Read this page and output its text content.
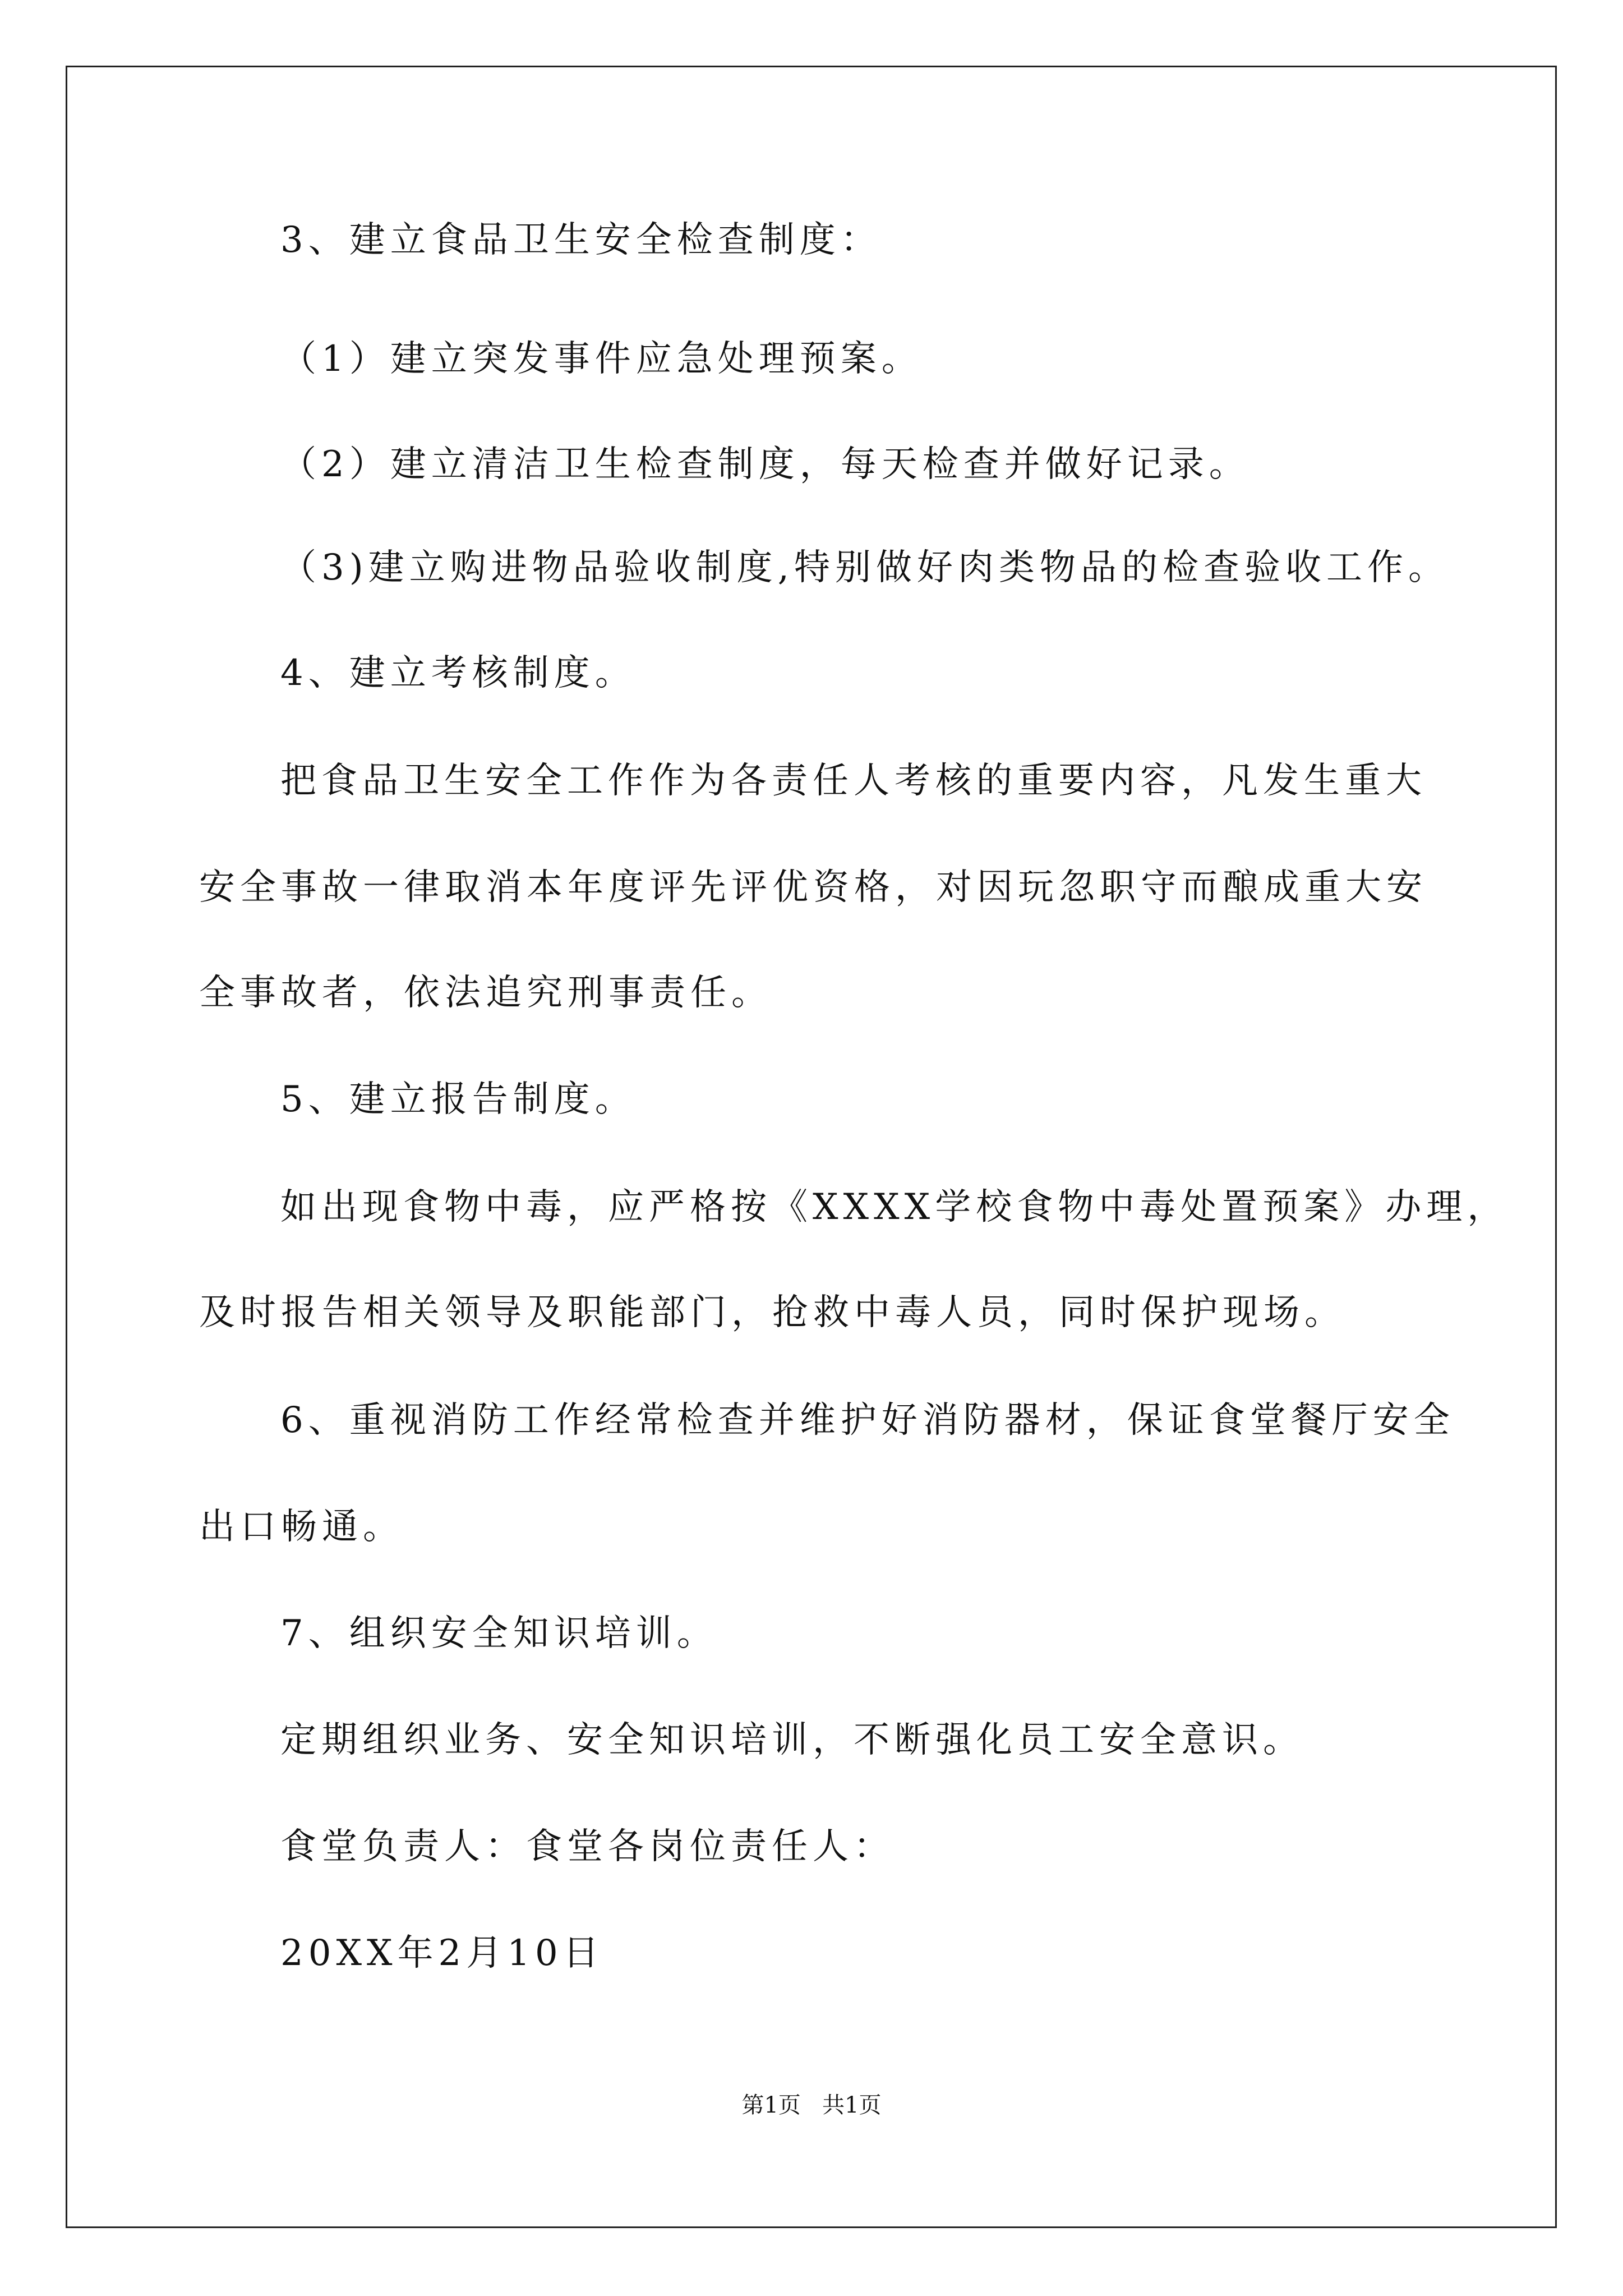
3、建立食品卫生安全检查制度：
（1）建立突发事件应急处理预案。
（2）建立清洁卫生检查制度，每天检查并做好记录。
（3)建立购进物品验收制度,特别做好肉类物品的检查验收工作。
4、建立考核制度。
把食品卫生安全工作作为各责任人考核的重要内容，凡发生重大
安全事故一律取消本年度评先评优资格，对因玩忽职守而酿成重大安
全事故者，依法追究刑事责任。
5、建立报告制度。
如出现食物中毒，应严格按《XXXX学校食物中毒处置预案》办理，
及时报告相关领导及职能部门，抢救中毒人员，同时保护现场。
6、重视消防工作经常检查并维护好消防器材，保证食堂餐厅安全
出口畅通。
7、组织安全知识培训。
定期组织业务、安全知识培训，不断强化员工安全意识。
食堂负责人：食堂各岗位责任人：
20XX年2月10日
第1页   共1页
